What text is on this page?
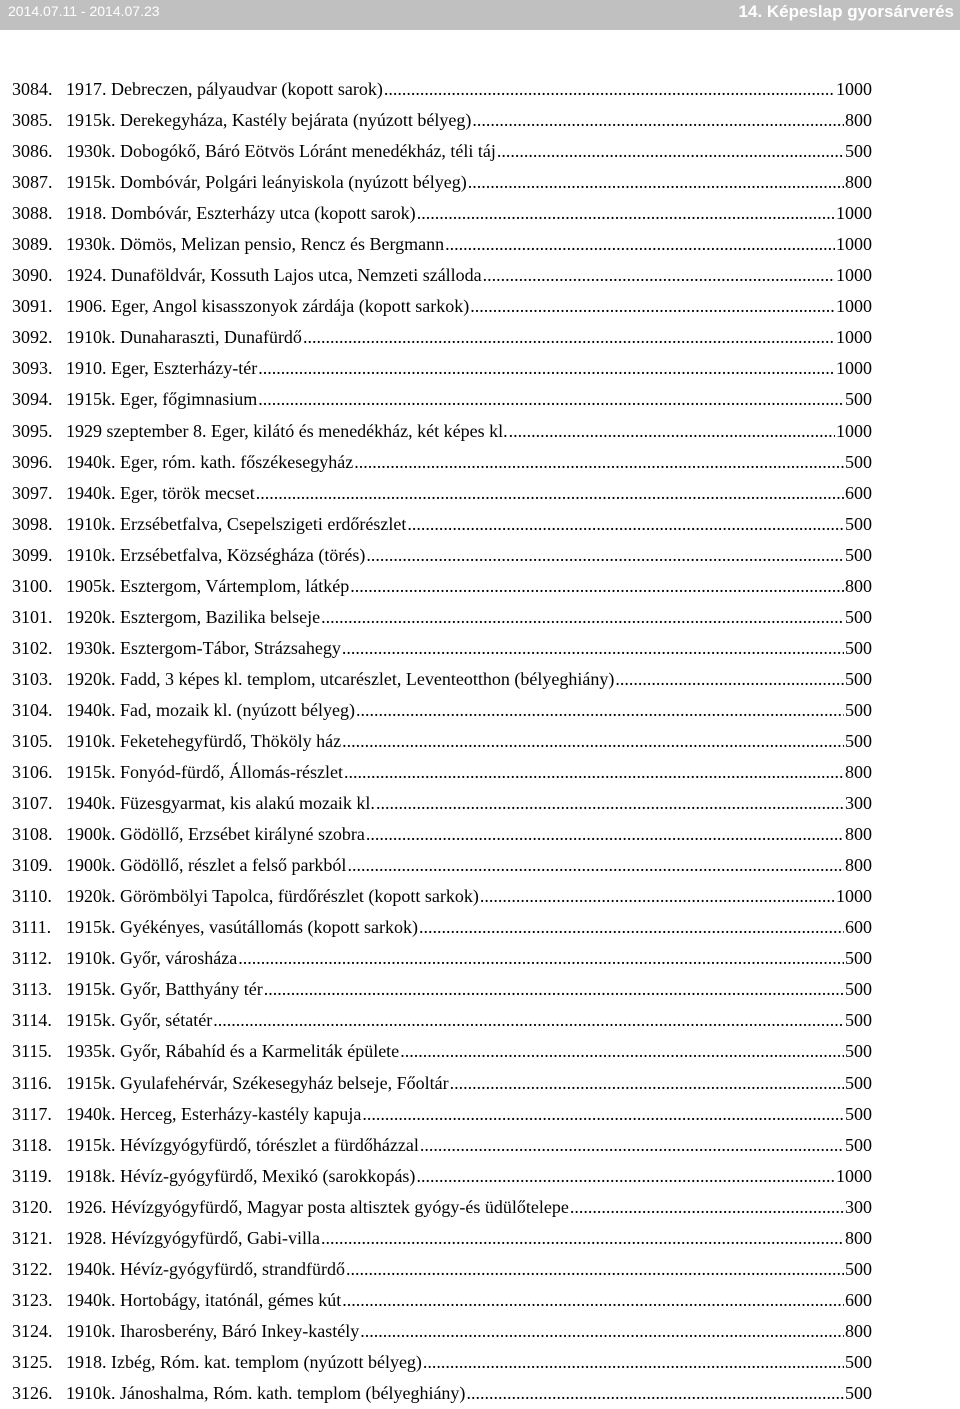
2014.07.11 - 2014.07.23	14. Képeslap gyorsárverés
3084. 1917. Debreczen, pályaudvar (kopott sarok) .....	1000
3085. 1915k. Derekegyháza, Kastély bejárata (nyúzott bélyeg) .....	800
3086. 1930k. Dobogókő, Báró Eötvös Lóránt menedékház, téli táj .....	500
3087. 1915k. Dombóvár, Polgári leányiskola (nyúzott bélyeg) .....	800
3088. 1918. Dombóvár, Eszterházy utca (kopott sarok) .....	1000
3089. 1930k. Dömös, Melizan pensio, Rencz és Bergmann .....	1000
3090. 1924. Dunaföldvár, Kossuth Lajos utca, Nemzeti szálloda .....	1000
3091. 1906. Eger, Angol kisasszonyok zárdája (kopott sarkok) .....	1000
3092. 1910k. Dunaharaszti, Dunafürdő .....	1000
3093. 1910. Eger, Eszterházy-tér .....	1000
3094. 1915k. Eger, főgimnasium .....	500
3095. 1929 szeptember 8. Eger, kilátó és menedékház, két képes kl. .....	1000
3096. 1940k. Eger, róm. kath. főszékesegyház .....	500
3097. 1940k. Eger, török mecset .....	600
3098. 1910k. Erzsébetfalva, Csepelszigeti erdőrészlet .....	500
3099. 1910k. Erzsébetfalva, Községháza (törés) .....	500
3100. 1905k. Esztergom, Vártemplom, látkép .....	800
3101. 1920k. Esztergom, Bazilika belseje .....	500
3102. 1930k. Esztergom-Tábor, Strázsahegy .....	500
3103. 1920k. Fadd, 3 képes kl. templom, utcarészlet, Leventeotthon (bélyeghiány) .....	500
3104. 1940k. Fad, mozaik kl. (nyúzott bélyeg) .....	500
3105. 1910k. Feketehegyfürdő, Thököly ház .....	500
3106. 1915k. Fonyód-fürdő, Állomás-részlet .....	800
3107. 1940k. Füzesgyarmat, kis alakú mozaik kl. .....	300
3108. 1900k. Gödöllő, Erzsébet királyné szobra .....	800
3109. 1900k. Gödöllő, részlet a felső parkból .....	800
3110. 1920k. Görömbölyi Tapolca, fürdőrészlet (kopott sarkok) .....	1000
3111. 1915k. Gyékényes, vasútállomás (kopott sarkok) .....	600
3112. 1910k. Győr, városháza .....	500
3113. 1915k. Győr, Batthyány tér .....	500
3114. 1915k. Győr, sétatér .....	500
3115. 1935k. Győr, Rábahíd és a Karmeliták épülete .....	500
3116. 1915k. Gyulafehérvár, Székesegyház belseje, Főoltár .....	500
3117. 1940k. Herceg, Esterházy-kastély kapuja .....	500
3118. 1915k. Hévízgyógyfürdő, tórészlet a fürdőházzal .....	500
3119. 1918k. Hévíz-gyógyfürdő, Mexikó (sarokkopás) .....	1000
3120. 1926. Hévízgyógyfürdő, Magyar posta altisztek gyógy-és üdülőtelepe .....	300
3121. 1928. Hévízgyógyfürdő, Gabi-villa .....	800
3122. 1940k. Hévíz-gyógyfürdő, strandfürdő .....	500
3123. 1940k. Hortobágy, itatónál, gémes kút .....	600
3124. 1910k. Iharosberény, Báró Inkey-kastély .....	800
3125. 1918. Izbég, Róm. kat. templom (nyúzott bélyeg) .....	500
3126. 1910k. Jánoshalma, Róm. kath. templom (bélyeghiány) .....	500
